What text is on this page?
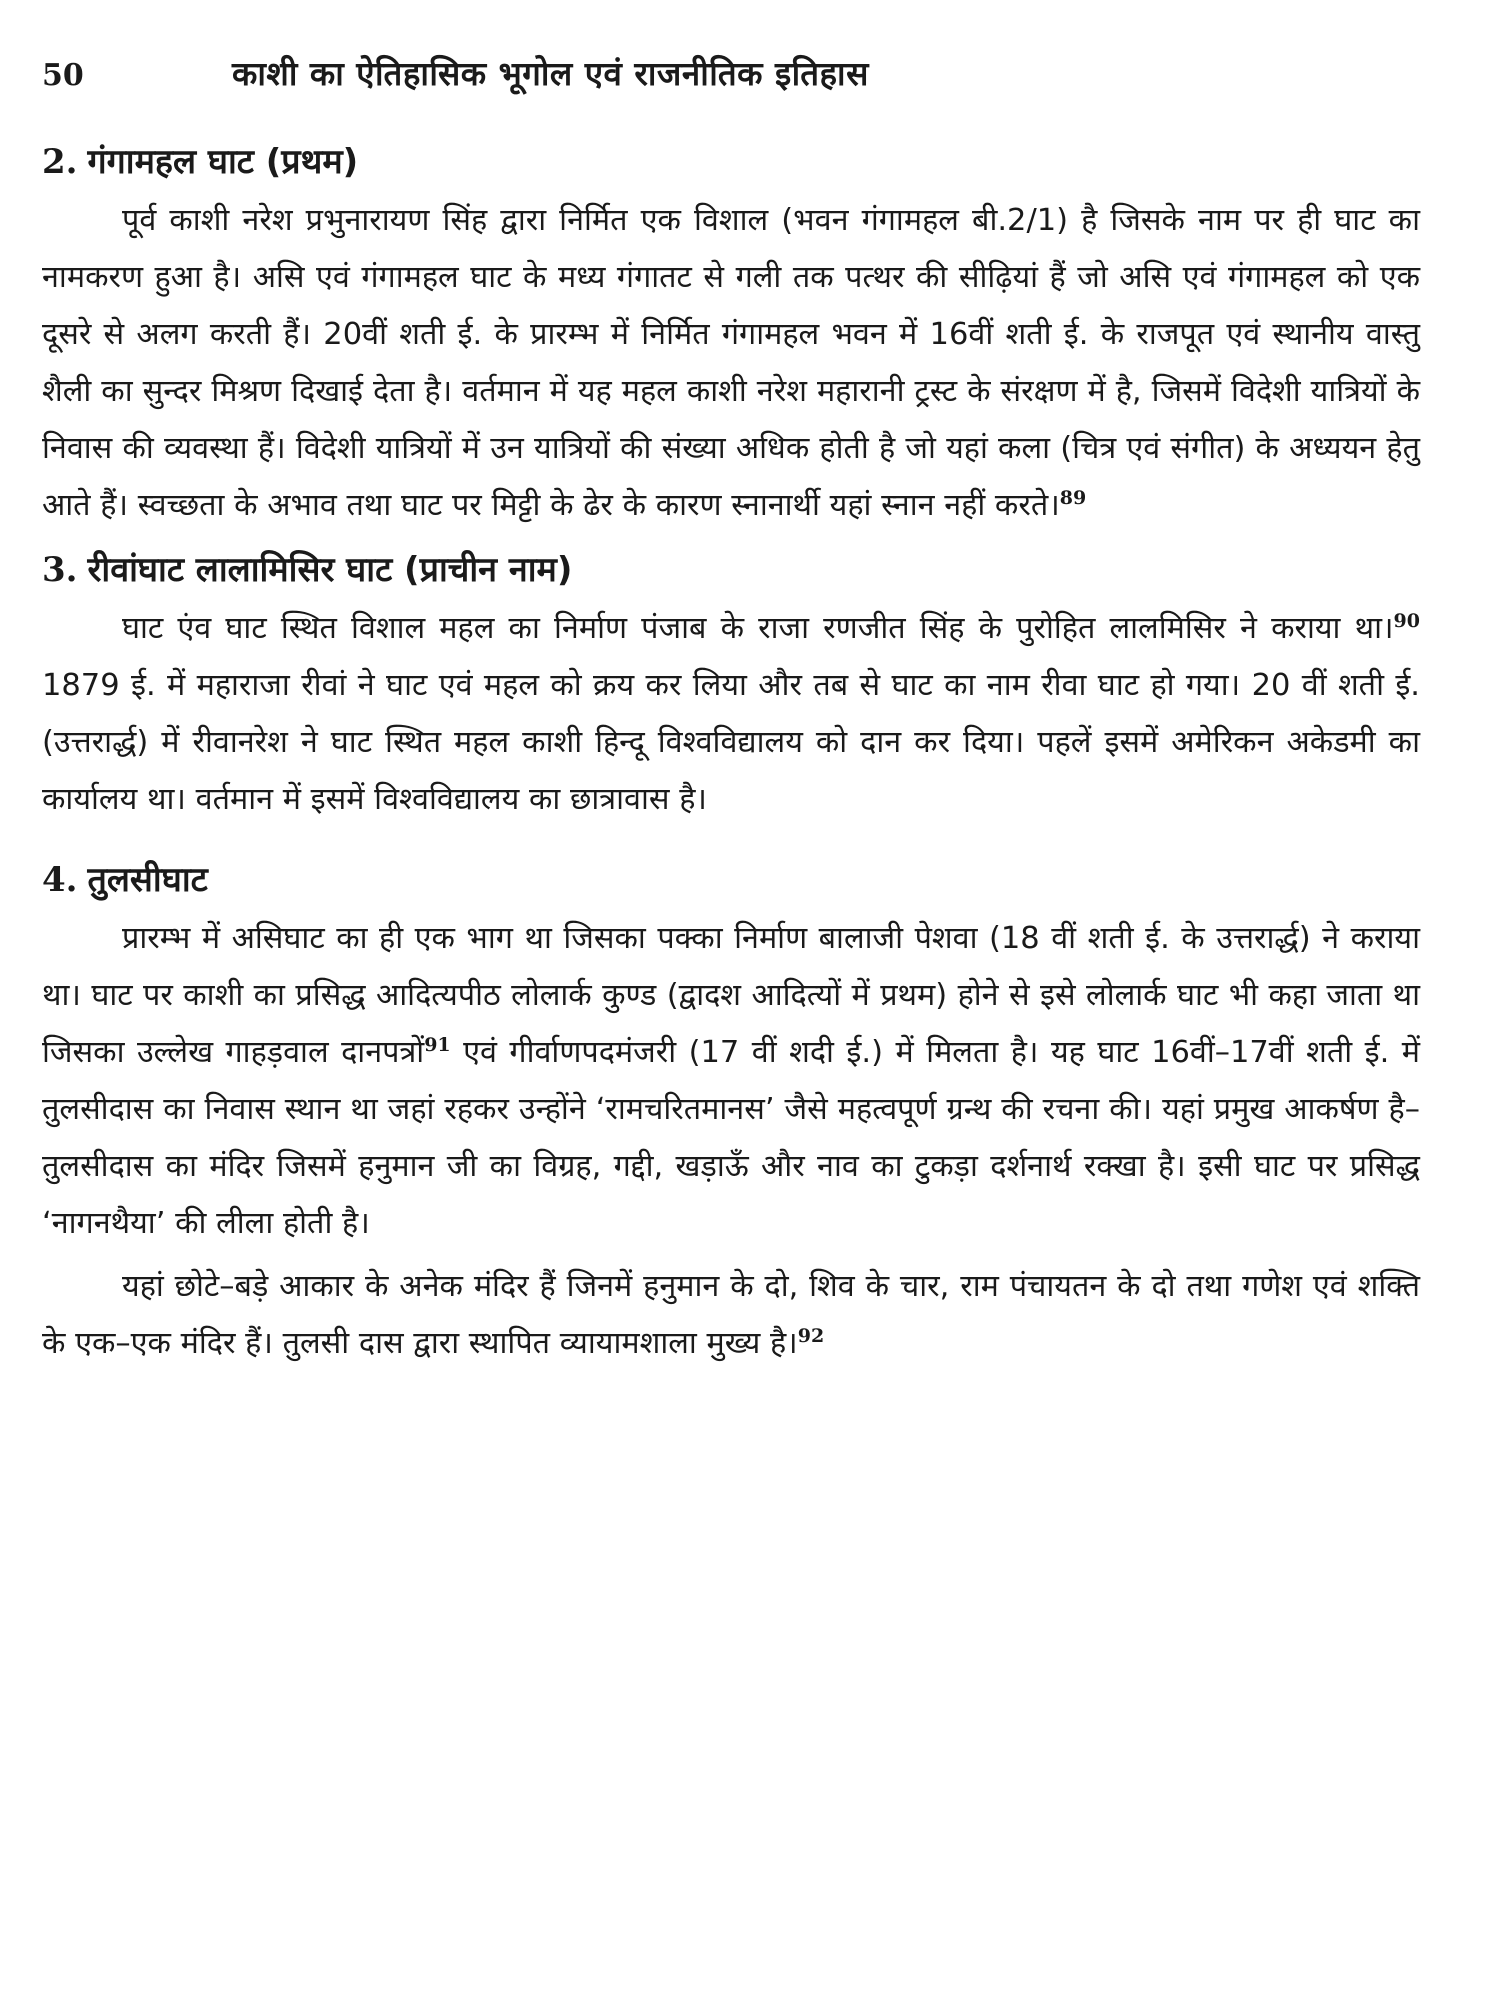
50	काशी का ऐतिहासिक भूगोल एवं राजनीतिक इतिहास
2. गंगामहल घाट (प्रथम)

पूर्व काशी नरेश प्रभुनारायण सिंह द्वारा निर्मित एक विशाल (भवन गंगामहल बी.2/1) है जिसके नाम पर ही घाट का नामकरण हुआ है। असि एवं गंगामहल घाट के मध्य गंगातट से गली तक पत्थर की सीढ़ियां हैं जो असि एवं गंगामहल को एक दूसरे से अलग करती हैं। 20वीं शती ई. के प्रारम्भ में निर्मित गंगामहल भवन में 16वीं शती ई. के राजपूत एवं स्थानीय वास्तु शैली का सुन्दर मिश्रण दिखाई देता है। वर्तमान में यह महल काशी नरेश महारानी ट्रस्ट के संरक्षण में है, जिसमें विदेशी यात्रियों के निवास की व्यवस्था हैं। विदेशी यात्रियों में उन यात्रियों की संख्या अधिक होती है जो यहां कला (चित्र एवं संगीत) के अध्ययन हेतु आते हैं। स्वच्छता के अभाव तथा घाट पर मिट्टी के ढेर के कारण स्नानार्थी यहां स्नान नहीं करते।$^{89}$

3. रीवांघाट लालामिसिर घाट (प्राचीन नाम)

घाट एंव घाट स्थित विशाल महल का निर्माण पंजाब के राजा रणजीत सिंह के पुरोहित लालमिसिर ने कराया था।$^{90}$ 1879 ई. में महाराजा रीवां ने घाट एवं महल को क्रय कर लिया और तब से घाट का नाम रीवा घाट हो गया। 20 वीं शती ई. (उत्तरार्द्ध) में रीवानरेश ने घाट स्थित महल काशी हिन्दू विश्वविद्यालय को दान कर दिया। पहलें इसमें अमेरिकन अकेडमी का कार्यालय था। वर्तमान में इसमें विश्वविद्यालय का छात्रावास है।

4. तुलसीघाट

प्रारम्भ में असिघाट का ही एक भाग था जिसका पक्का निर्माण बालाजी पेशवा (18 वीं शती ई. के उत्तरार्द्ध) ने कराया था। घाट पर काशी का प्रसिद्ध आदित्यपीठ लोलार्क कुण्ड (द्वादश आदित्यों में प्रथम) होने से इसे लोलार्क घाट भी कहा जाता था जिसका उल्लेख गाहड़वाल दानपत्रों$^{91}$ एवं गीर्वाणपदमंजरी (17 वीं शदी ई.) में मिलता है। यह घाट 16वीं–17वीं शती ई. में तुलसीदास का निवास स्थान था जहां रहकर उन्होंने ‘रामचरितमानस’ जैसे महत्वपूर्ण ग्रन्थ की रचना की। यहां प्रमुख आकर्षण है– तुलसीदास का मंदिर जिसमें हनुमान जी का विग्रह, गद्दी, खड़ाऊँ और नाव का टुकड़ा दर्शनार्थ रक्खा है। इसी घाट पर प्रसिद्ध ‘नागनथैया’ की लीला होती है।

यहां छोटे–बड़े आकार के अनेक मंदिर हैं जिनमें हनुमान के दो, शिव के चार, राम पंचायतन के दो तथा गणेश एवं शक्ति के एक–एक मंदिर हैं। तुलसी दास द्वारा स्थापित व्यायामशाला मुख्य है।$^{92}$
